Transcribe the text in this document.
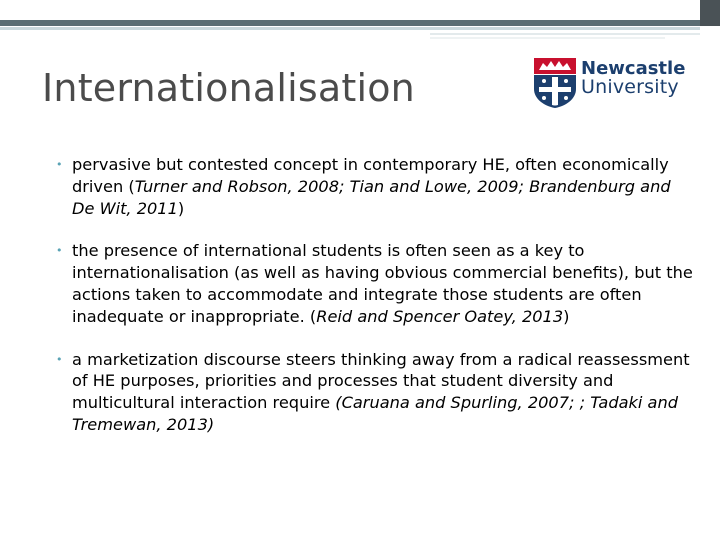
Internationalisation	Newcastle
University
• pervasive but contested concept in contemporary HE, often economically driven (Turner and Robson, 2008; Tian and Lowe, 2009; Brandenburg and De Wit, 2011)
• the presence of international students is often seen as a key to internationalisation (as well as having obvious commercial benefits), but the actions taken to accommodate and integrate those students are often inadequate or inappropriate. (Reid and Spencer Oatey, 2013)
• a marketization discourse steers thinking away from a radical reassessment of HE purposes, priorities and processes that student diversity and multicultural interaction require (Caruana and Spurling, 2007; ; Tadaki and Tremewan, 2013)
